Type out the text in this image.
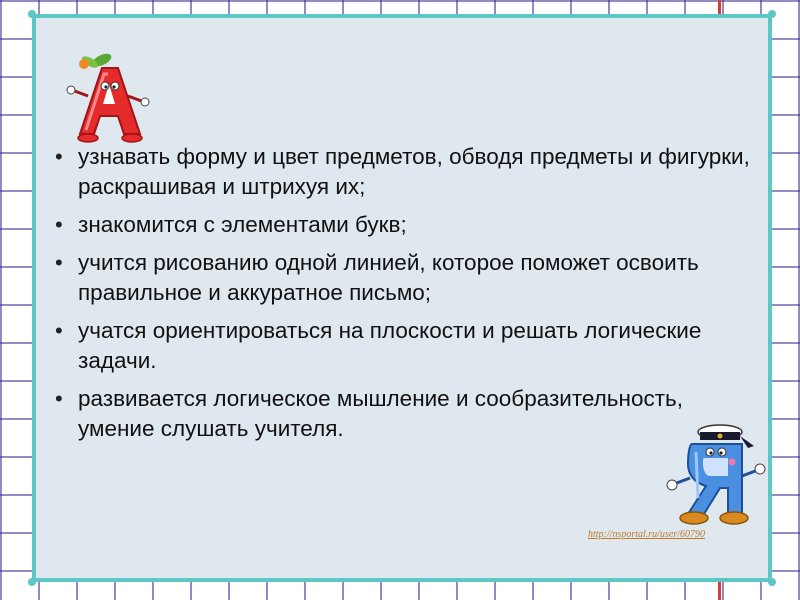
• узнавать форму и цвет предметов, обводя предметы и фигурки, раскрашивая и штрихуя их;
• знакомится с элементами букв;
• учится рисованию одной линией, которое поможет освоить правильное и аккуратное письмо;
• учатся ориентироваться на плоскости и решать логические задачи.
• развивается логическое мышление и сообразительность, умение слушать учителя.
http://nsportal.ru/user/60790
